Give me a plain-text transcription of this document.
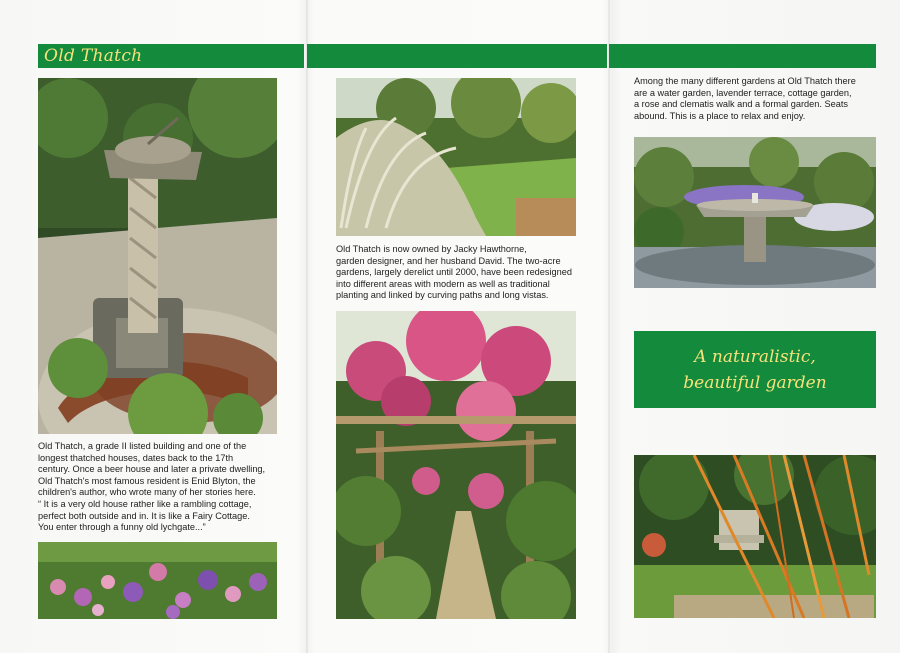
Old Thatch
Old Thatch, a grade II listed building and one of the
longest thatched houses, dates back to the 17th
century. Once a beer house and later a private dwelling,
Old Thatch's most famous resident is Enid Blyton, the
children's author, who wrote many of her stories here.
“ It is a very old house rather like a rambling cottage,
perfect both outside and in. It is like a Fairy Cottage.
You enter through a funny old lychgate...”
Old Thatch is now owned by Jacky Hawthorne,
garden designer, and her husband David. The two-acre
gardens, largely derelict until 2000, have been redesigned
into different areas with modern as well as traditional
planting and linked by curving paths and long vistas.
Among the many different gardens at Old Thatch there
are a water garden, lavender terrace, cottage garden,
a rose and clematis walk and a formal garden. Seats
abound. This is a place to relax and enjoy.
A naturalistic,
beautiful garden
